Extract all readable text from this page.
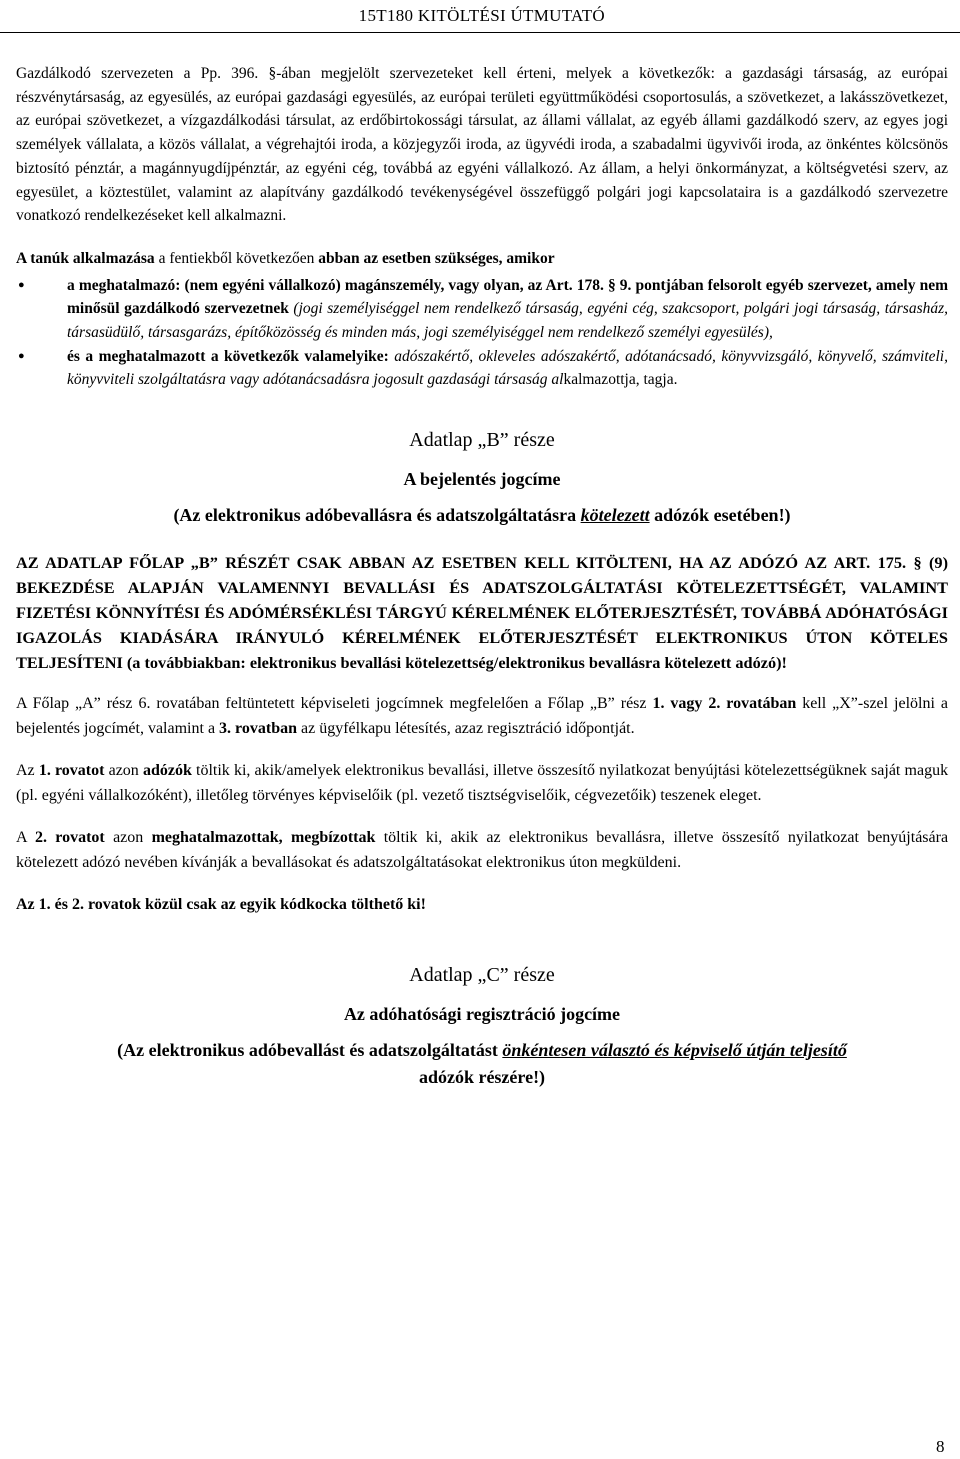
15T180 KITÖLTÉSI ÚTMUTATÓ

Gazdálkodó szervezeten a Pp. 396. §-ában megjelölt szervezeteket kell érteni, melyek a következők: a gazdasági társaság, az európai részvénytársaság, az egyesülés, az európai gazdasági egyesülés, az európai területi együttműködési csoportosulás, a szövetkezet, a lakásszövetkezet, az európai szövetkezet, a vízgazdálkodási társulat, az erdőbirtokossági társulat, az állami vállalat, az egyéb állami gazdálkodó szerv, az egyes jogi személyek vállalata, a közös vállalat, a végrehajtói iroda, a közjegyzői iroda, az ügyvédi iroda, a szabadalmi ügyvivői iroda, az önkéntes kölcsönös biztosító pénztár, a magánnyugdíjpénztár, az egyéni cég, továbbá az egyéni vállalkozó. Az állam, a helyi önkormányzat, a költségvetési szerv, az egyesület, a köztestület, valamint az alapítvány gazdálkodó tevékenységével összefüggő polgári jogi kapcsolataira is a gazdálkodó szervezetre vonatkozó rendelkezéseket kell alkalmazni.

A tanúk alkalmazása a fentiekből következően abban az esetben szükséges, amikor

● a meghatalmazó: (nem egyéni vállalkozó) magánszemély, vagy olyan, az Art. 178. § 9. pontjában felsorolt egyéb szervezet, amely nem minősül gazdálkodó szervezetnek (jogi személyiséggel nem rendelkező társaság, egyéni cég, szakcsoport, polgári jogi társaság, társasház, társasüdülő, társasgarázs, építőközösség és minden más, jogi személyiséggel nem rendelkező személyi egyesülés),
● és a meghatalmazott a következők valamelyike: adószakértő, okleveles adószakértő, adótanácsadó, könyvvizsgáló, könyvelő, számviteli, könyvviteli szolgáltatásra vagy adótanácsadásra jogosult gazdasági társaság alkalmazottja, tagja.
Adatlap „B” része
A bejelentés jogcíme
(Az elektronikus adóbevallásra és adatszolgáltatásra kötelezett adózók esetében!)

AZ ADATLAP FŐLAP „B” RÉSZÉT CSAK ABBAN AZ ESETBEN KELL KITÖLTENI, HA AZ ADÓZÓ AZ ART. 175. § (9) BEKEZDÉSE ALAPJÁN VALAMENNYI BEVALLÁSI ÉS ADATSZOLGÁLTATÁSI KÖTELEZETTSÉGÉT, VALAMINT FIZETÉSI KÖNNYÍTÉSI ÉS ADÓMÉRSÉKLÉSI TÁRGYÚ KÉRELMÉNEK ELŐTERJESZTÉSÉT, TOVÁBBÁ ADÓHATÓSÁGI IGAZOLÁS KIADÁSÁRA IRÁNYULÓ KÉRELMÉNEK ELŐTERJESZTÉSÉT ELEKTRONIKUS ÚTON KÖTELES TELJESÍTENI (a továbbiakban: elektronikus bevallási kötelezettség/elektronikus bevallásra kötelezett adózó)!

A Főlap „A” rész 6. rovatában feltüntetett képviseleti jogcímnek megfelelően a Főlap „B” rész 1. vagy 2. rovatában kell „X”-szel jelölni a bejelentés jogcímét, valamint a 3. rovatban az ügyfélkapu létesítés, azaz regisztráció időpontját.

Az 1. rovatot azon adózók töltik ki, akik/amelyek elektronikus bevallási, illetve összesítő nyilatkozat benyújtási kötelezettségüknek saját maguk (pl. egyéni vállalkozóként), illetőleg törvényes képviselőik (pl. vezető tisztségviselőik, cégvezetőik) teszenek eleget.

A 2. rovatot azon meghatalmazottak, megbízottak töltik ki, akik az elektronikus bevallásra, illetve összesítő nyilatkozat benyújtására kötelezett adózó nevében kívánják a bevallásokat és adatszolgáltatásokat elektronikus úton megküldeni.

Az 1. és 2. rovatok közül csak az egyik kódkocka tölthető ki!

Adatlap „C” része
Az adóhatósági regisztráció jogcíme
(Az elektronikus adóbevallást és adatszolgáltatást önkéntesen választó és képviselő útján teljesítő
adózók részére!)
8
